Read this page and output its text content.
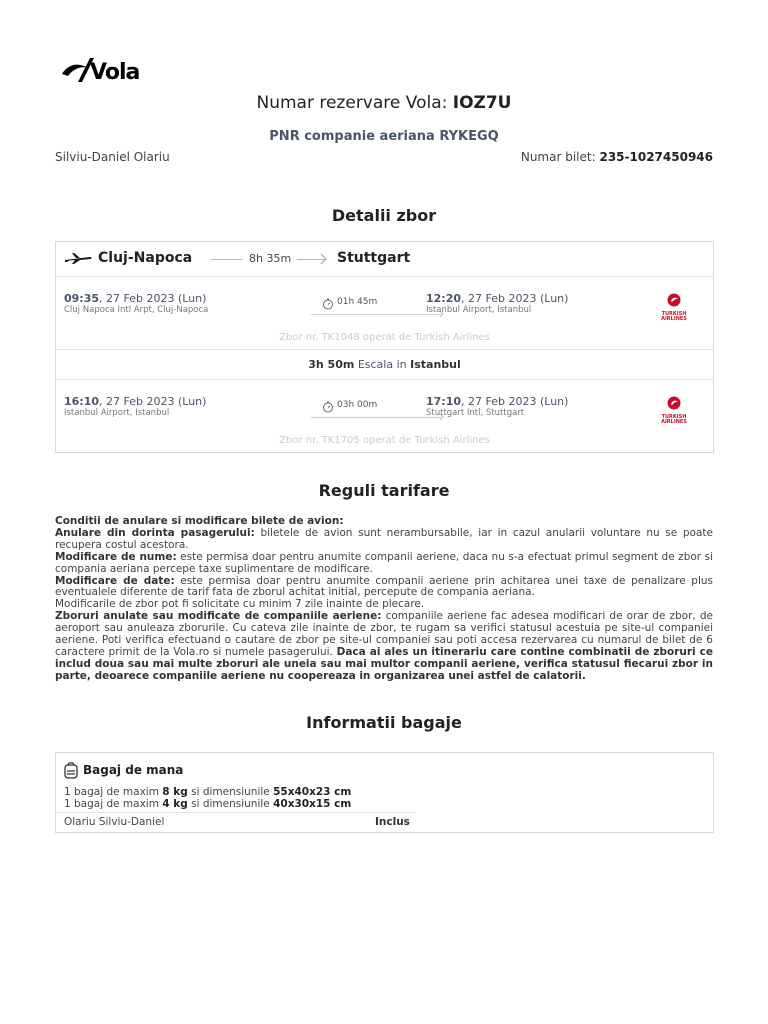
Vola
Numar rezervare Vola: IOZ7U
PNR companie aeriana RYKEGQ
Silviu-Daniel Olariu	Numar bilet: 235-1027450946
Detalii zbor
Cluj-Napoca	8h 35m	Stuttgart
09:35, 27 Feb 2023 (Lun)
Cluj Napoca Intl Arpt, Cluj-Napoca
01h 45m	12:20, 27 Feb 2023 (Lun)
Istanbul Airport, Istanbul	TURKISH AIRLINES
Zbor nr. TK1048 operat de Turkish Airlines
3h 50m Escala in Istanbul
16:10, 27 Feb 2023 (Lun)
Istanbul Airport, Istanbul
03h 00m	17:10, 27 Feb 2023 (Lun)
Stuttgart Intl, Stuttgart	TURKISH AIRLINES
Zbor nr. TK1705 operat de Turkish Airlines
Reguli tarifare
Conditii de anulare si modificare bilete de avion:
Anulare din dorinta pasagerului: biletele de avion sunt nerambursabile, iar in cazul anularii voluntare nu se poate recupera costul acestora.
Modificare de nume: este permisa doar pentru anumite companii aeriene, daca nu s-a efectuat primul segment de zbor si compania aeriana percepe taxe suplimentare de modificare.
Modificare de date: este permisa doar pentru anumite companii aeriene prin achitarea unei taxe de penalizare plus eventualele diferente de tarif fata de zborul achitat initial, percepute de compania aeriana.
Modificarile de zbor pot fi solicitate cu minim 7 zile inainte de plecare.
Zboruri anulate sau modificate de companiile aeriene: companiile aeriene fac adesea modificari de orar de zbor, de aeroport sau anuleaza zborurile. Cu cateva zile inainte de zbor, te rugam sa verifici statusul acestuia pe site-ul companiei aeriene. Poti verifica efectuand o cautare de zbor pe site-ul companiei sau poti accesa rezervarea cu numarul de bilet de 6 caractere primit de la Vola.ro si numele pasagerului. Daca ai ales un itinerariu care contine combinatii de zboruri ce includ doua sau mai multe zboruri ale uneia sau mai multor companii aeriene, verifica statusul fiecarui zbor in parte, deoarece companiile aeriene nu coopereaza in organizarea unei astfel de calatorii.
Informatii bagaje
Bagaj de mana
1 bagaj de maxim 8 kg si dimensiunile 55x40x23 cm
1 bagaj de maxim 4 kg si dimensiunile 40x30x15 cm
Olariu Silviu-Daniel	Inclus
